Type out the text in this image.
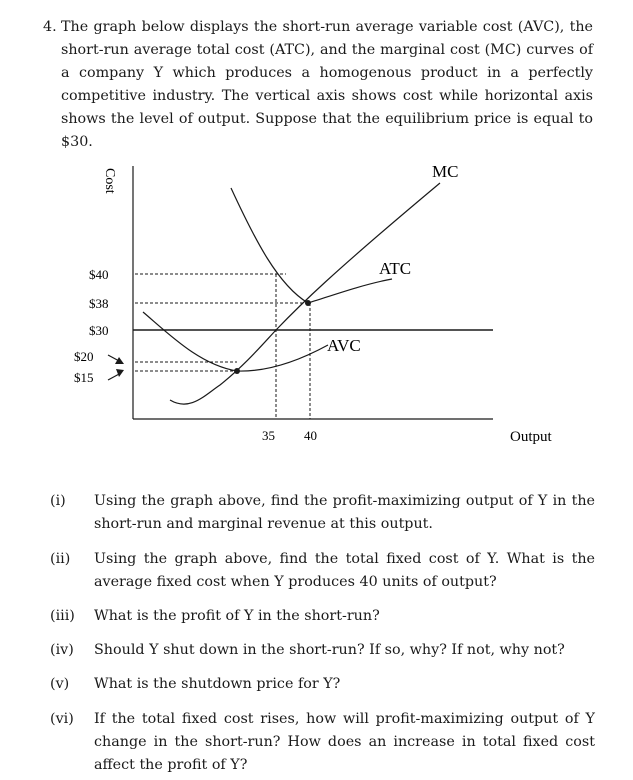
4. The graph below displays the short-run average variable cost (AVC), the short-run average total cost (ATC), and the marginal cost (MC) curves of a company Y which produces a homogenous product in a perfectly competitive industry. The vertical axis shows cost while horizontal axis shows the level of output. Suppose that the equilibrium price is equal to $30.
Cost
Output
$40
$38
$30
$20
$15
35 40
MC
ATC
AVC
(i) Using the graph above, find the profit-maximizing output of Y in the short-run and marginal revenue at this output.
(ii) Using the graph above, find the total fixed cost of Y. What is the average fixed cost when Y produces 40 units of output?
(iii) What is the profit of Y in the short-run?
(iv) Should Y shut down in the short-run? If so, why? If not, why not?
(v) What is the shutdown price for Y?
(vi) If the total fixed cost rises, how will profit-maximizing output of Y change in the short-run? How does an increase in total fixed cost affect the profit of Y?
